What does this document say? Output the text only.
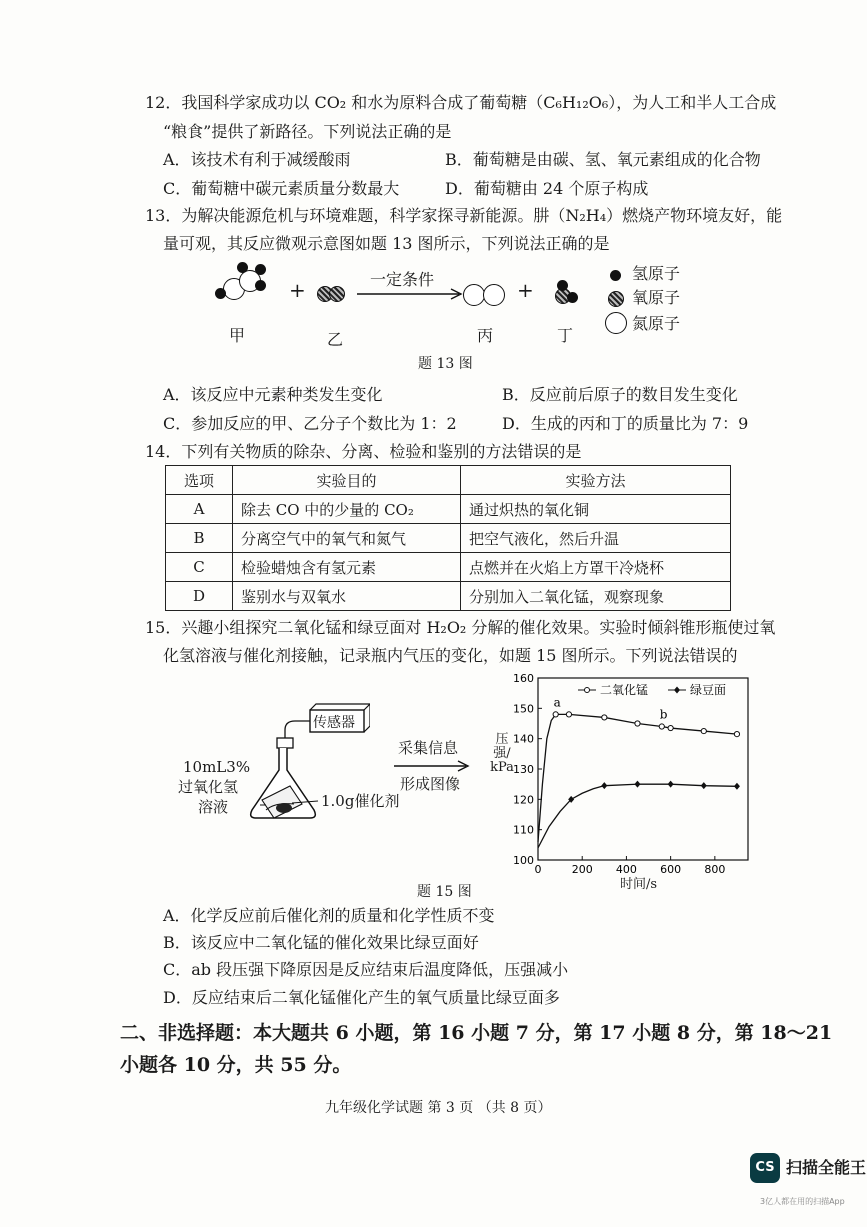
12．我国科学家成功以 CO₂ 和水为原料合成了葡萄糖（C₆H₁₂O₆），为人工和半人工合成
“粮食”提供了新路径。下列说法正确的是
A．该技术有利于减缓酸雨	B．葡萄糖是由碳、氢、氧元素组成的化合物
C．葡萄糖中碳元素质量分数最大	D．葡萄糖由 24 个原子构成
13．为解决能源危机与环境难题，科学家探寻新能源。肼（N₂H₄）燃烧产物环境友好，能
量可观，其反应微观示意图如题 13 图所示，下列说法正确的是
+	一定条件	+
甲	乙	丙	丁
氢原子
氧原子
氮原子
题 13 图
A．该反应中元素种类发生变化	B．反应前后原子的数目发生变化
C．参加反应的甲、乙分子个数比为 1：2	D．生成的丙和丁的质量比为 7：9
14．下列有关物质的除杂、分离、检验和鉴别的方法错误的是
选项	实验目的	实验方法
A	除去 CO 中的少量的 CO₂	通过炽热的氧化铜
B	分离空气中的氧气和氮气	把空气液化，然后升温
C	检验蜡烛含有氢元素	点燃并在火焰上方罩干冷烧杯
D	鉴别水与双氧水	分别加入二氧化锰，观察现象
15．兴趣小组探究二氧化锰和绿豆面对 H₂O₂ 分解的催化效果。实验时倾斜锥形瓶使过氧
化氢溶液与催化剂接触，记录瓶内气压的变化，如题 15 图所示。下列说法错误的
传感器
10mL3%
过氧化氢
溶液	1.0g催化剂
采集信息
形成图像
100
110
120
130
140
150
160
0	200 400 600 800
二氧化锰	绿豆面
a
b
压强/kPa
时间/s
题 15 图
A．化学反应前后催化剂的质量和化学性质不变
B．该反应中二氧化锰的催化效果比绿豆面好
C．ab 段压强下降原因是反应结束后温度降低，压强减小
D．反应结束后二氧化锰催化产生的氧气质量比绿豆面多
二、非选择题：本大题共 6 小题，第 16 小题 7 分，第 17 小题 8 分，第 18～21
小题各 10 分，共 55 分。
九年级化学试题 第 3 页 （共 8 页）
CS 扫描全能王
3亿人都在用的扫描App
